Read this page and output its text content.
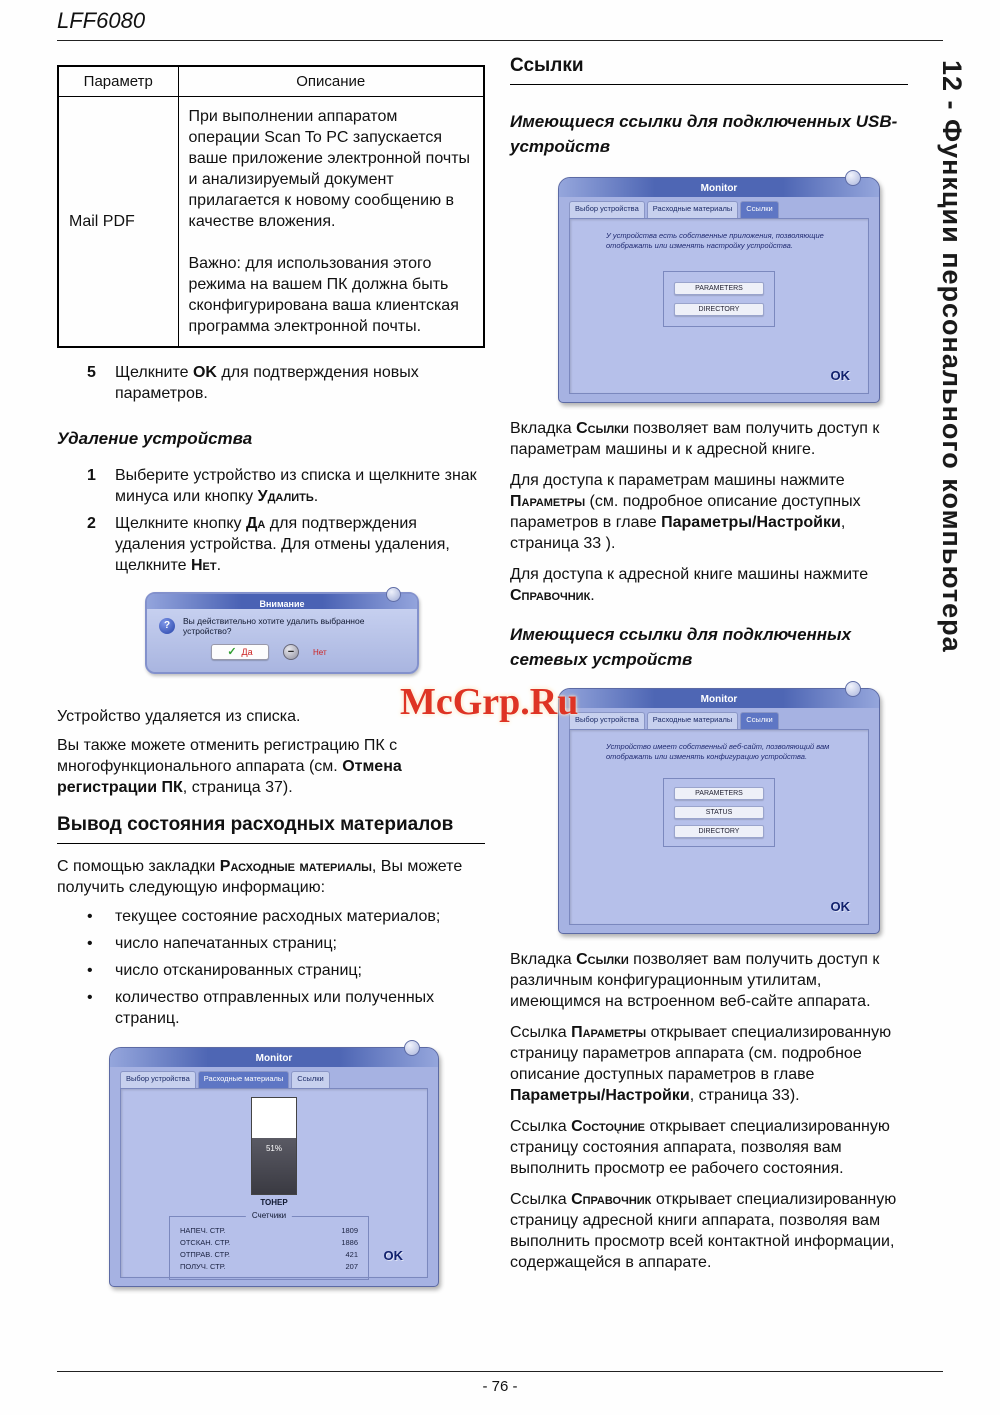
LFF6080
12 - Функции персонального компьютера
McGrp.Ru
Параметр	Описание
Mail PDF	При выполнении аппаратом операции Scan To PC запускается ваше приложение электронной почты и анализируемый документ прилагается к новому сообщению в качестве вложения.

Важно: для использования этого режима на вашем ПК должна быть сконфигурирована ваша клиентская программа электронной почты.

5	Щелкните OK для подтверждения новых параметров.
Удаление устройства
1	Выберите устройство из списка и щелкните знак минуса или кнопку Удалить.
2	Щелкните кнопку Да для подтверждения удаления устройства. Для отмены удаления, щелкните Нет.
Внимание
?	Вы действительно хотите удалить выбранное устройство?
✓ Да	−	Нет

Устройство удаляется из списка.

Вы также можете отменить регистрацию ПК с многофункционального аппарата (см. Отмена регистрации ПК, страница 37).

Вывод состояния расходных материалов

С помощью закладки Расходные материалы, Вы можете получить следующую информацию:

•	текущее состояние расходных материалов;
•	число напечатанных страниц;
•	число отсканированных страниц;
•	количество отправленных или полученных страниц.
Monitor
Выбор устройства	Расходные материалы	Ссылки
51%
ТОНЕР
Счетчики
НАПЕЧ. СТР.	1809
ОТСКАН. СТР.	1886
ОТПРАВ. СТР.	421
ПОЛУЧ. СТР.	207
OK
Ссылки
Имеющиеся ссылки для подключенных USB-устройств
Monitor
Выбор устройства	Расходные материалы	Ссылки
У устройства есть собственные приложения, позволяющие отображать или изменять настройку устройства.
PARAMETERS
DIRECTORY
OK

Вкладка Ссылки позволяет вам получить доступ к параметрам машины и к адресной книге.

Для доступа к параметрам машины нажмите Параметры (см. подробное описание доступных параметров в главе Параметры/Настройки, страница 33 ).

Для доступа к адресной книге машины нажмите Справочник.

Имеющиеся ссылки для подключенных сетевых устройств
Monitor
Выбор устройства	Расходные материалы	Ссылки
Устройство имеет собственный веб-сайт, позволяющий вам отображать или изменять конфигурацию устройства.
PARAMETERS
STATUS
DIRECTORY
OK

Вкладка Ссылки позволяет вам получить доступ к различным конфигурационным утилитам, имеющимся на встроенном веб-сайте аппарата.

Ссылка Параметры открывает специализированную страницу параметров аппарата (см. подробное описание доступных параметров в главе Параметры/Настройки, страница 33).

Ссылка Состоųние открывает специализированную страницу состояния аппарата, позволяя вам выполнить просмотр ее рабочего состояния.

Ссылка Справочник открывает специализированную страницу адресной книги аппарата, позволяя вам выполнить просмотр всей контактной информации, содержащейся в аппарате.

- 76 -
